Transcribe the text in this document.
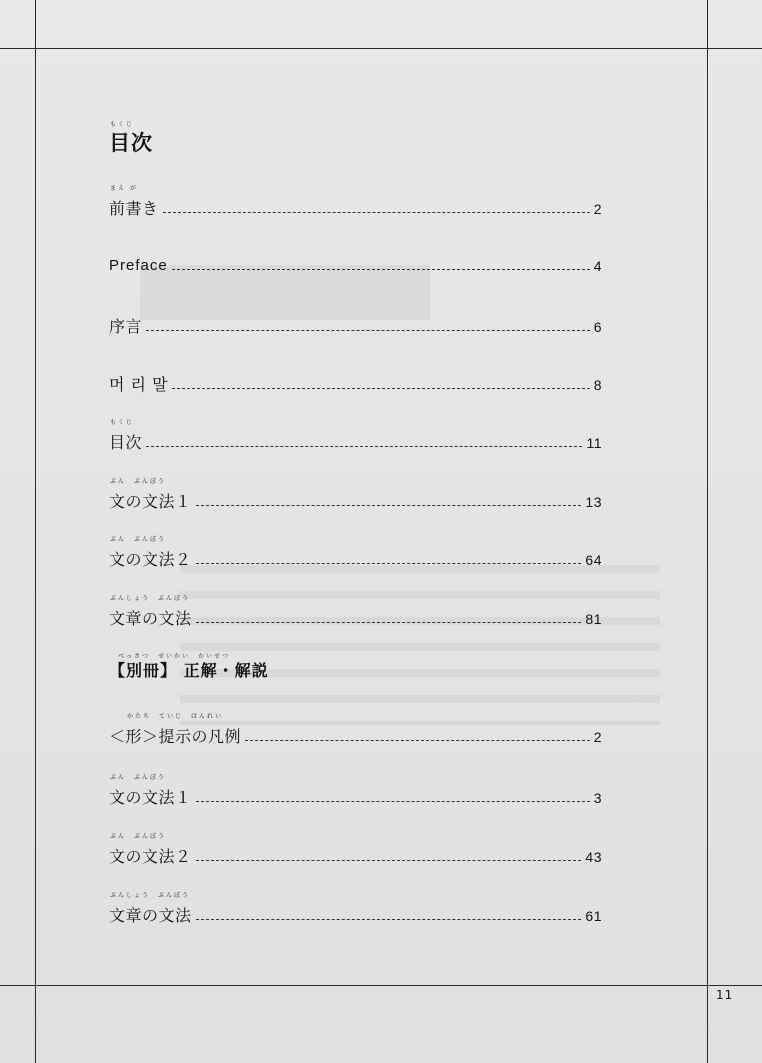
もくじ
目次
まえ が
前書き	2
Preface	4
序言	6
머 리 말	8
もくじ
目次	11
ぶん　ぶんぽう
文の文法１	13
ぶん　ぶんぽう
文の文法２	64
ぶんしょう　ぶんぽう
文章の文法	81
べっさつ　せいかい　かいせつ
【別冊】 正解・解説
かたち　ていじ　はんれい
＜形＞提示の凡例	2
ぶん　ぶんぽう
文の文法１	3
ぶん　ぶんぽう
文の文法２	43
ぶんしょう　ぶんぽう
文章の文法	61
11
